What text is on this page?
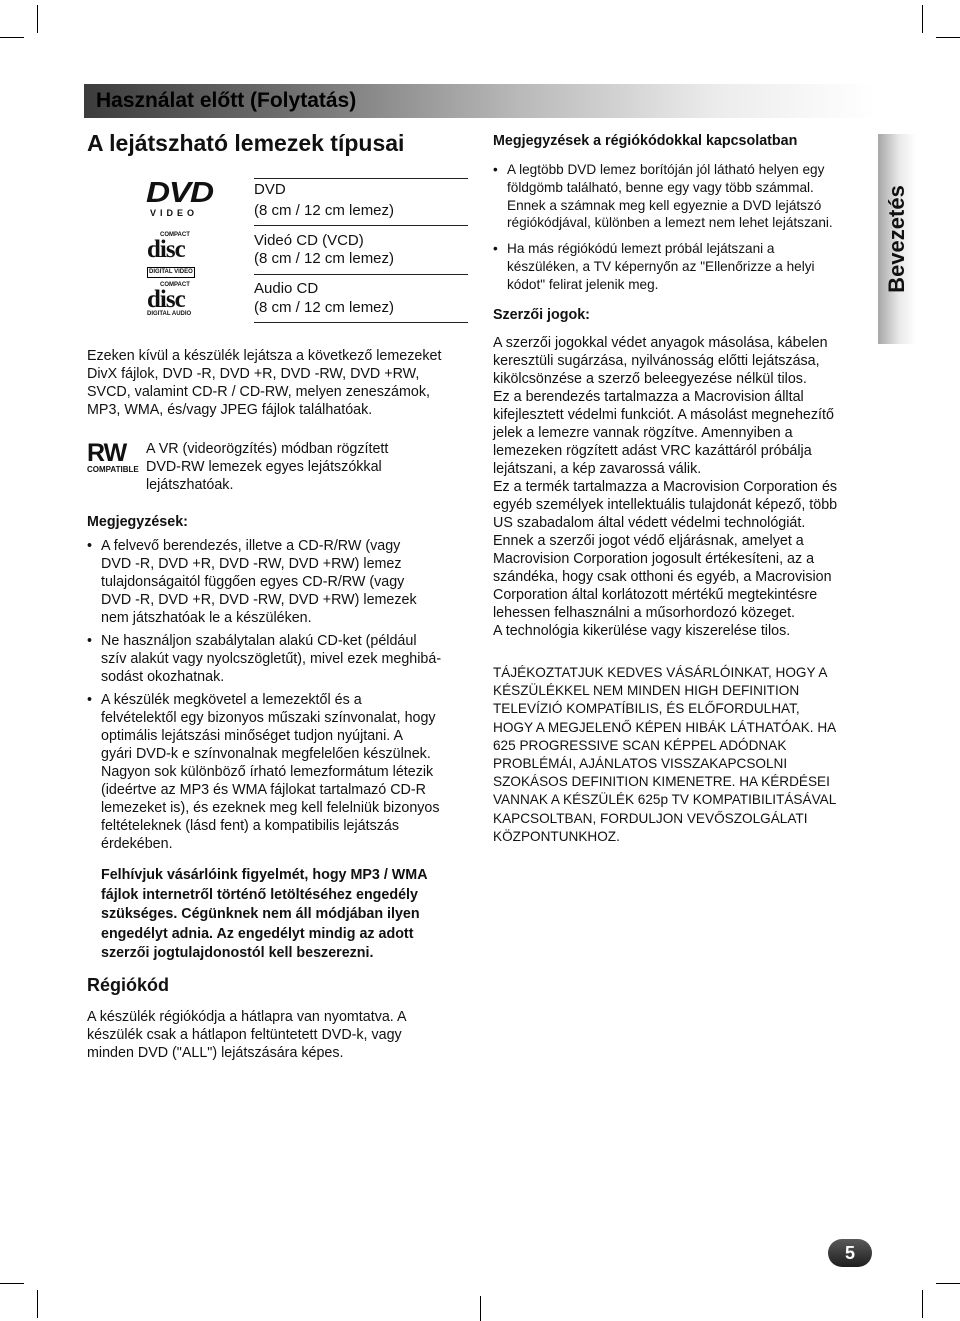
Használat előtt (Folytatás)
Bevezetés
A lejátszható lemezek típusai
DVD
VIDEO
COMPACT
disc
DIGITAL VIDEO
COMPACT
disc
DIGITAL AUDIO
DVD
(8 cm / 12 cm lemez)
Videó CD (VCD)
(8 cm / 12 cm lemez)
Audio CD
(8 cm / 12 cm lemez)
Ezeken kívül a készülék lejátsza a következő lemezeket
DivX fájlok, DVD -R, DVD +R, DVD -RW, DVD +RW,
SVCD, valamint CD-R / CD-RW, melyen zeneszámok,
MP3, WMA, és/vagy JPEG fájlok találhatóak.
RW
COMPATIBLE
A VR (videorögzítés) módban rögzített
DVD-RW lemezek egyes lejátszókkal
lejátszhatóak.
Megjegyzések:
• A felvevő berendezés, illetve a CD-R/RW (vagy
DVD -R, DVD +R, DVD -RW, DVD +RW) lemez
tulajdonságaitól függően egyes CD-R/RW (vagy
DVD -R, DVD +R, DVD -RW, DVD +RW) lemezek
nem játszhatóak le a készüléken.
• Ne használjon szabálytalan alakú CD-ket (például
szív alakút vagy nyolcszögletűt), mivel ezek meghibá-
sodást okozhatnak.
• A készülék megkövetel a lemezektől és a
felvételektől egy bizonyos műszaki színvonalat, hogy
optimális lejátszási minőséget tudjon nyújtani. A
gyári DVD-k e színvonalnak megfelelően készülnek.
Nagyon sok különböző írható lemezformátum létezik
(ideértve az MP3 és WMA fájlokat tartalmazó CD-R
lemezeket is), és ezeknek meg kell felelniük bizonyos
feltételeknek (lásd fent) a kompatibilis lejátszás
érdekében.
Felhívjuk vásárlóink figyelmét, hogy MP3 / WMA
fájlok internetről történő letöltéséhez engedély
szükséges. Cégünknek nem áll módjában ilyen
engedélyt adnia. Az engedélyt mindig az adott
szerzői jogtulajdonostól kell beszerezni.
Régiókód
A készülék régiókódja a hátlapra van nyomtatva. A
készülék csak a hátlapon feltüntetett DVD-k, vagy
minden DVD ("ALL") lejátszására képes.
Megjegyzések a régiókódokkal kapcsolatban
• A legtöbb DVD lemez borítóján jól látható helyen egy
földgömb található, benne egy vagy több számmal.
Ennek a számnak meg kell egyeznie a DVD lejátszó
régiókódjával, különben a lemezt nem lehet lejátszani.
• Ha más régiókódú lemezt próbál lejátszani a
készüléken, a TV képernyőn az "Ellenőrizze a helyi
kódot" felirat jelenik meg.
Szerzői jogok:
A szerzői jogokkal védet anyagok másolása, kábelen
keresztüli sugárzása, nyilvánosság előtti lejátszása,
kikölcsönzése a szerző beleegyezése nélkül tilos.
Ez a berendezés tartalmazza a Macrovision álltal
kifejlesztett védelmi funkciót. A másolást megnehezítő
jelek a lemezre vannak rögzítve. Amennyiben a
lemezeken rögzített adást VRC kazáttáról próbálja
lejátszani, a kép zavarossá válik.
Ez a termék tartalmazza a Macrovision Corporation és
egyéb személyek intellektuális tulajdonát képező, több
US szabadalom által védett védelmi technológiát.
Ennek a szerzői jogot védő eljárásnak, amelyet a
Macrovision Corporation jogosult értékesíteni, az a
szándéka, hogy csak otthoni és egyéb, a Macrovision
Corporation által korlátozott mértékű megtekintésre
lehessen felhasználni a műsorhordozó közeget.
A technológia kikerülése vagy kiszerelése tilos.
TÁJÉKOZTATJUK KEDVES VÁSÁRLÓINKAT, HOGY A
KÉSZÜLÉKKEL NEM MINDEN HIGH DEFINITION
TELEVÍZIÓ KOMPATÍBILIS, ÉS ELŐFORDULHAT,
HOGY A MEGJELENŐ KÉPEN HIBÁK LÁTHATÓAK. HA
625 PROGRESSIVE SCAN KÉPPEL ADÓDNAK
PROBLÉMÁI, AJÁNLATOS VISSZAKAPCSOLNI
SZOKÁSOS DEFINITION KIMENETRE. HA KÉRDÉSEI
VANNAK A KÉSZÜLÉK 625p TV KOMPATIBILITÁSÁVAL
KAPCSOLTBAN, FORDULJON VEVŐSZOLGÁLATI
KÖZPONTUNKHOZ.
5
